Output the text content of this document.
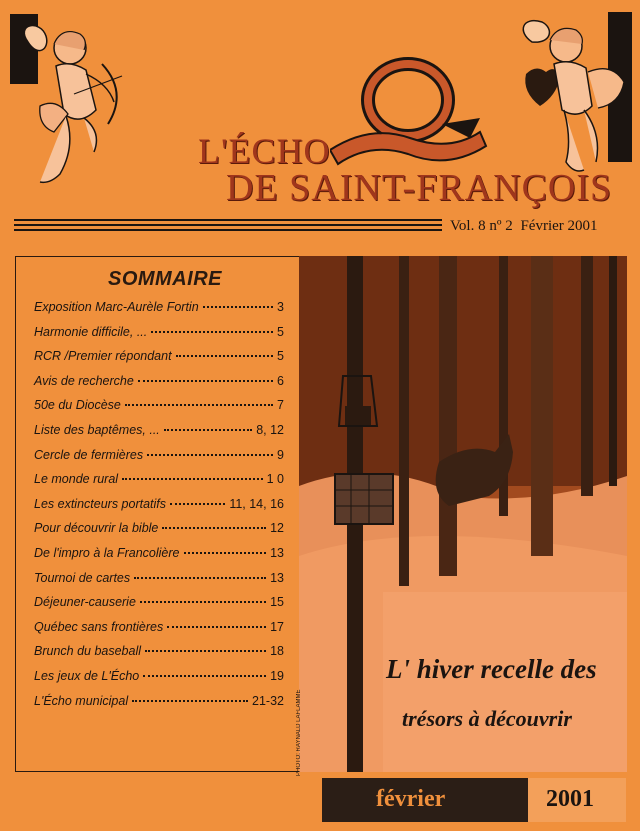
L'ÉCHO
DE SAINT-FRANÇOIS
Vol. 8 nº 2 Février 2001
SOMMAIRE
Exposition Marc-Aurèle Fortin	3
Harmonie difficile, ...	5
RCR /Premier répondant	5
Avis de recherche	6
50e du Diocèse	7
Liste des baptêmes, ...	8, 12
Cercle de fermières	9
Le monde rural	1 0
Les extincteurs portatifs	11, 14, 16
Pour découvrir la bible	12
De l'impro à la Francolière	13
Tournoi de cartes	13
Déjeuner-causerie	15
Québec sans frontières	17
Brunch du baseball	18
Les jeux de L'Écho	19
L'Écho municipal	21-32 PHOTO: RAYNALD LAFLAMME
L' hiver recelle des
trésors à découvrir
février	2001
